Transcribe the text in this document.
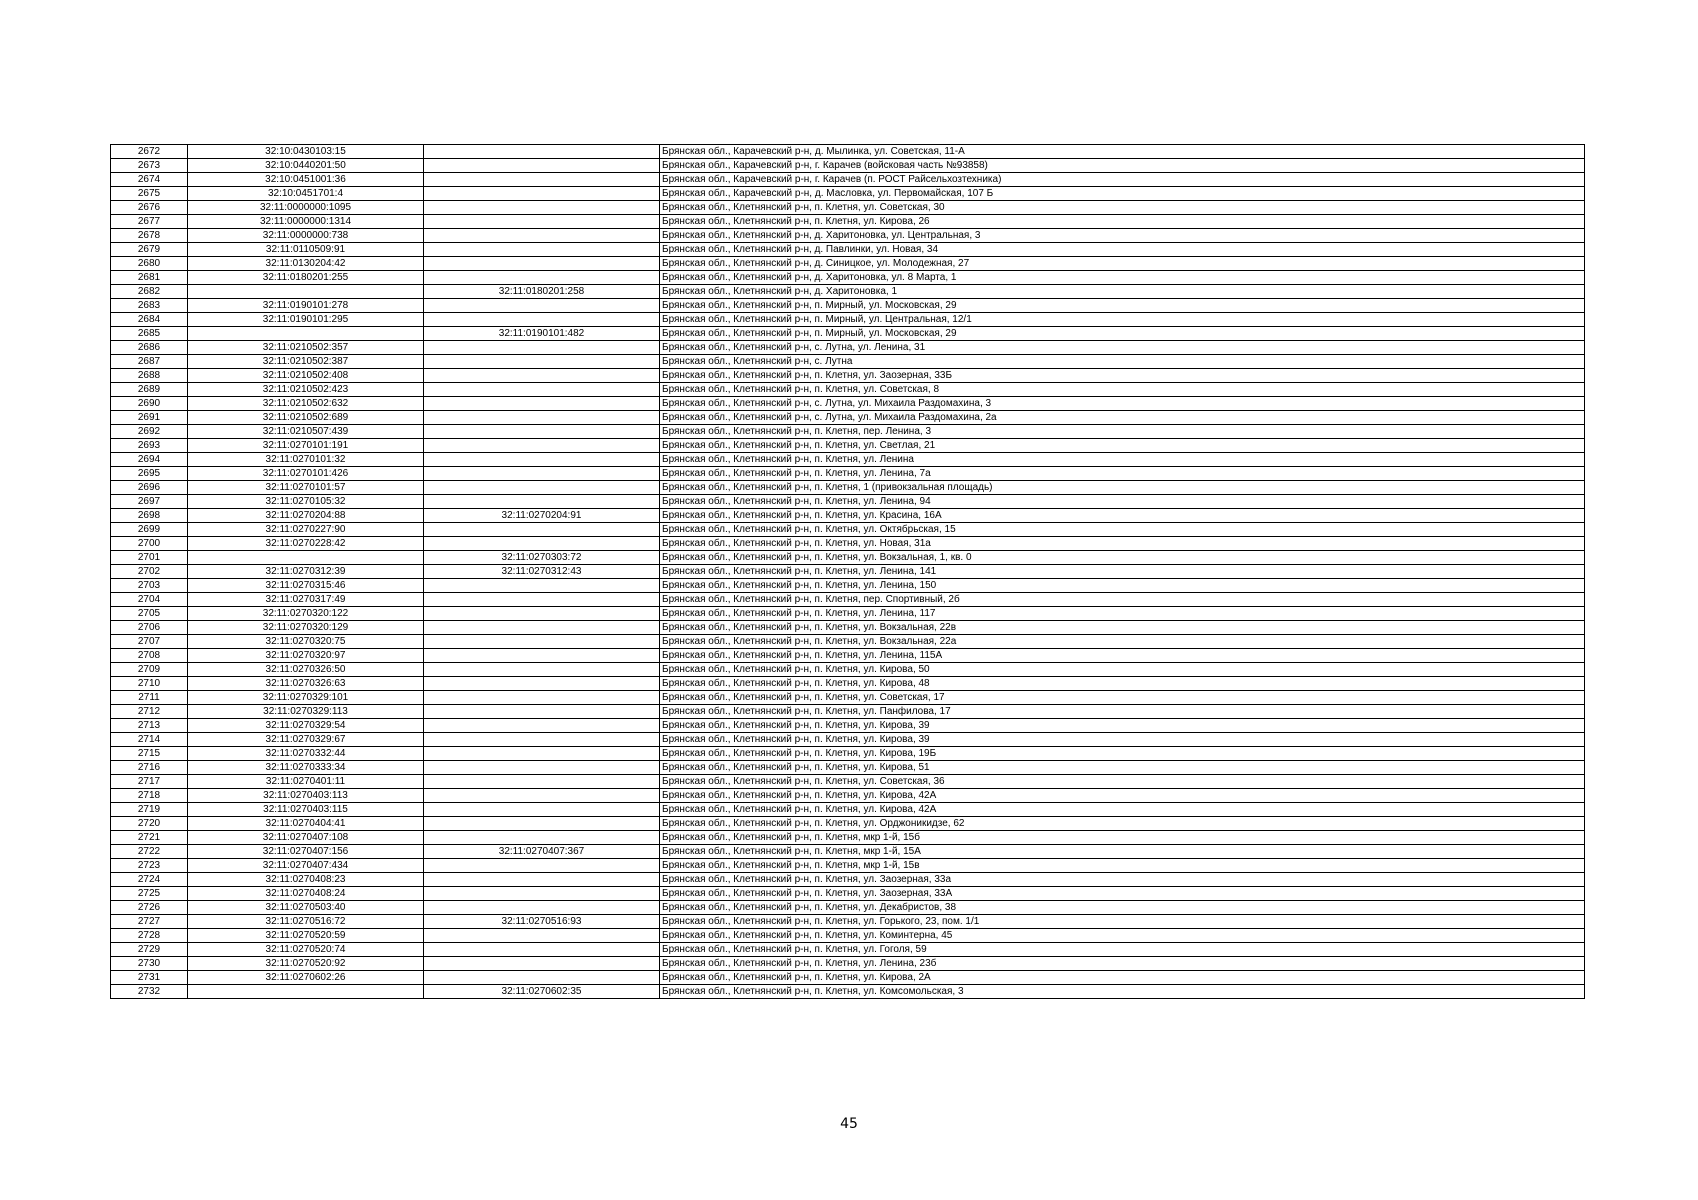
2672	32:10:0430103:15		Брянская обл., Карачевский р-н, д. Мылинка, ул. Советская, 11-А
2673	32:10:0440201:50		Брянская обл., Карачевский р-н, г. Карачев (войсковая часть №93858)
2674	32:10:0451001:36		Брянская обл., Карачевский р-н, г. Карачев (п. РОСТ Райсельхозтехника)
2675	32:10:0451701:4		Брянская обл., Карачевский р-н, д. Масловка, ул. Первомайская, 107 Б
2676	32:11:0000000:1095		Брянская обл., Клетнянский р-н, п. Клетня, ул. Советская, 30
2677	32:11:0000000:1314		Брянская обл., Клетнянский р-н, п. Клетня, ул. Кирова, 26
2678	32:11:0000000:738		Брянская обл., Клетнянский р-н, д. Харитоновка, ул. Центральная, 3
2679	32:11:0110509:91		Брянская обл., Клетнянский р-н, д. Павлинки, ул. Новая, 34
2680	32:11:0130204:42		Брянская обл., Клетнянский р-н, д. Синицкое, ул. Молодежная, 27
2681	32:11:0180201:255		Брянская обл., Клетнянский р-н, д. Харитоновка, ул. 8 Марта, 1
2682		32:11:0180201:258	Брянская обл., Клетнянский р-н, д. Харитоновка, 1
2683	32:11:0190101:278		Брянская обл., Клетнянский р-н, п. Мирный, ул. Московская, 29
2684	32:11:0190101:295		Брянская обл., Клетнянский р-н, п. Мирный, ул. Центральная, 12/1
2685		32:11:0190101:482	Брянская обл., Клетнянский р-н, п. Мирный, ул. Московская, 29
2686	32:11:0210502:357		Брянская обл., Клетнянский р-н, с. Лутна, ул. Ленина, 31
2687	32:11:0210502:387		Брянская обл., Клетнянский р-н, с. Лутна
2688	32:11:0210502:408		Брянская обл., Клетнянский р-н, п. Клетня, ул. Заозерная, 33Б
2689	32:11:0210502:423		Брянская обл., Клетнянский р-н, п. Клетня, ул. Советская, 8
2690	32:11:0210502:632		Брянская обл., Клетнянский р-н, с. Лутна, ул. Михаила Раздомахина, 3
2691	32:11:0210502:689		Брянская обл., Клетнянский р-н, с. Лутна, ул. Михаила Раздомахина, 2а
2692	32:11:0210507:439		Брянская обл., Клетнянский р-н, п. Клетня, пер. Ленина, 3
2693	32:11:0270101:191		Брянская обл., Клетнянский р-н, п. Клетня, ул. Светлая, 21
2694	32:11:0270101:32		Брянская обл., Клетнянский р-н, п. Клетня, ул. Ленина
2695	32:11:0270101:426		Брянская обл., Клетнянский р-н, п. Клетня, ул. Ленина, 7а
2696	32:11:0270101:57		Брянская обл., Клетнянский р-н, п. Клетня, 1 (привокзальная площадь)
2697	32:11:0270105:32		Брянская обл., Клетнянский р-н, п. Клетня, ул. Ленина, 94
2698	32:11:0270204:88	32:11:0270204:91	Брянская обл., Клетнянский р-н, п. Клетня, ул. Красина, 16А
2699	32:11:0270227:90		Брянская обл., Клетнянский р-н, п. Клетня, ул. Октябрьская, 15
2700	32:11:0270228:42		Брянская обл., Клетнянский р-н, п. Клетня, ул. Новая, 31а
2701		32:11:0270303:72	Брянская обл., Клетнянский р-н, п. Клетня, ул. Вокзальная, 1, кв. 0
2702	32:11:0270312:39	32:11:0270312:43	Брянская обл., Клетнянский р-н, п. Клетня, ул. Ленина, 141
2703	32:11:0270315:46		Брянская обл., Клетнянский р-н, п. Клетня, ул. Ленина, 150
2704	32:11:0270317:49		Брянская обл., Клетнянский р-н, п. Клетня, пер. Спортивный, 2б
2705	32:11:0270320:122		Брянская обл., Клетнянский р-н, п. Клетня, ул. Ленина, 117
2706	32:11:0270320:129		Брянская обл., Клетнянский р-н, п. Клетня, ул. Вокзальная, 22в
2707	32:11:0270320:75		Брянская обл., Клетнянский р-н, п. Клетня, ул. Вокзальная, 22а
2708	32:11:0270320:97		Брянская обл., Клетнянский р-н, п. Клетня, ул. Ленина, 115А
2709	32:11:0270326:50		Брянская обл., Клетнянский р-н, п. Клетня, ул. Кирова, 50
2710	32:11:0270326:63		Брянская обл., Клетнянский р-н, п. Клетня, ул. Кирова, 48
2711	32:11:0270329:101		Брянская обл., Клетнянский р-н, п. Клетня, ул. Советская, 17
2712	32:11:0270329:113		Брянская обл., Клетнянский р-н, п. Клетня, ул. Панфилова, 17
2713	32:11:0270329:54		Брянская обл., Клетнянский р-н, п. Клетня, ул. Кирова, 39
2714	32:11:0270329:67		Брянская обл., Клетнянский р-н, п. Клетня, ул. Кирова, 39
2715	32:11:0270332:44		Брянская обл., Клетнянский р-н, п. Клетня, ул. Кирова, 19Б
2716	32:11:0270333:34		Брянская обл., Клетнянский р-н, п. Клетня, ул. Кирова, 51
2717	32:11:0270401:11		Брянская обл., Клетнянский р-н, п. Клетня, ул. Советская, 36
2718	32:11:0270403:113		Брянская обл., Клетнянский р-н, п. Клетня, ул. Кирова, 42А
2719	32:11:0270403:115		Брянская обл., Клетнянский р-н, п. Клетня, ул. Кирова, 42А
2720	32:11:0270404:41		Брянская обл., Клетнянский р-н, п. Клетня, ул. Орджоникидзе, 62
2721	32:11:0270407:108		Брянская обл., Клетнянский р-н, п. Клетня, мкр 1-й, 15б
2722	32:11:0270407:156	32:11:0270407:367	Брянская обл., Клетнянский р-н, п. Клетня, мкр 1-й, 15А
2723	32:11:0270407:434		Брянская обл., Клетнянский р-н, п. Клетня, мкр 1-й, 15в
2724	32:11:0270408:23		Брянская обл., Клетнянский р-н, п. Клетня, ул. Заозерная, 33а
2725	32:11:0270408:24		Брянская обл., Клетнянский р-н, п. Клетня, ул. Заозерная, 33А
2726	32:11:0270503:40		Брянская обл., Клетнянский р-н, п. Клетня, ул. Декабристов, 38
2727	32:11:0270516:72	32:11:0270516:93	Брянская обл., Клетнянский р-н, п. Клетня, ул. Горького, 23, пом. 1/1
2728	32:11:0270520:59		Брянская обл., Клетнянский р-н, п. Клетня, ул. Коминтерна, 45
2729	32:11:0270520:74		Брянская обл., Клетнянский р-н, п. Клетня, ул. Гоголя, 59
2730	32:11:0270520:92		Брянская обл., Клетнянский р-н, п. Клетня, ул. Ленина, 23б
2731	32:11:0270602:26		Брянская обл., Клетнянский р-н, п. Клетня, ул. Кирова, 2А
2732		32:11:0270602:35	Брянская обл., Клетнянский р-н, п. Клетня, ул. Комсомольская, 3
45
